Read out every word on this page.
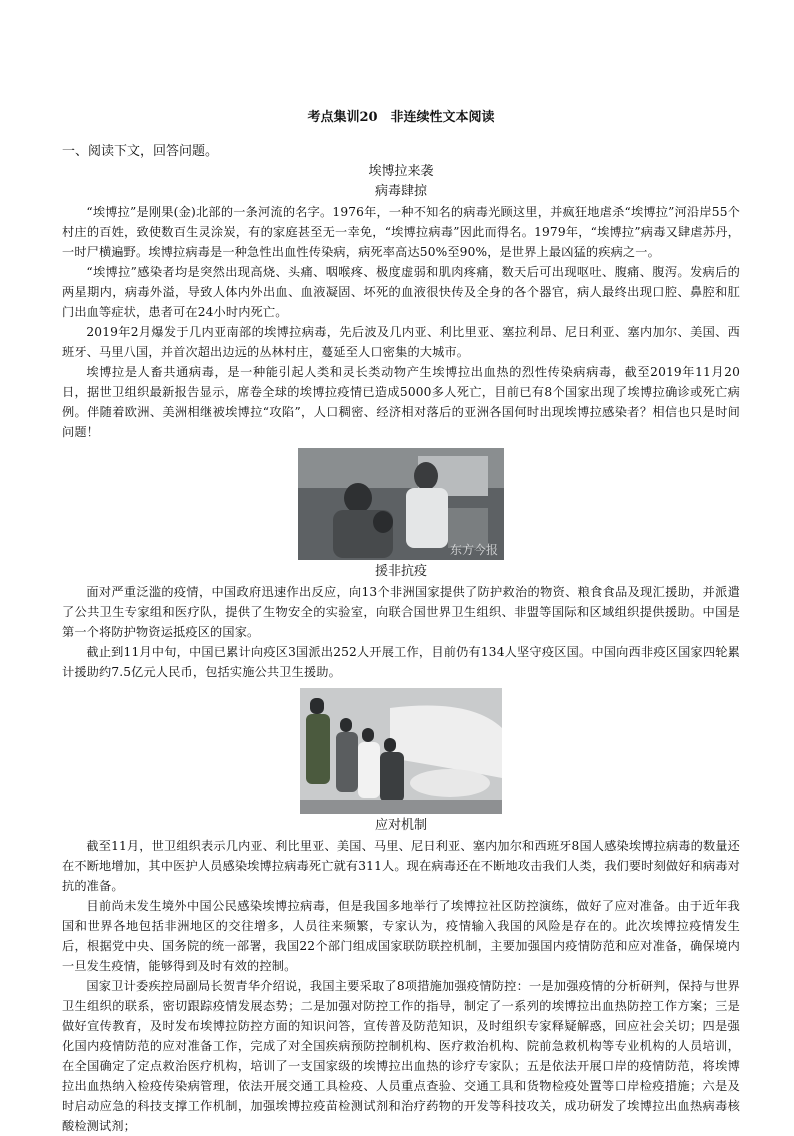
考点集训20　非连续性文本阅读
一、阅读下文，回答问题。
埃博拉来袭
病毒肆掠

“埃博拉”是刚果(金)北部的一条河流的名字。1976年，一种不知名的病毒光顾这里，并疯狂地虐杀“埃博拉”河沿岸55个村庄的百姓，致使数百生灵涂炭，有的家庭甚至无一幸免，“埃博拉病毒”因此而得名。1979年，“埃博拉”病毒又肆虐苏丹，一时尸横遍野。埃博拉病毒是一种急性出血性传染病，病死率高达50%至90%，是世界上最凶猛的疾病之一。

“埃博拉”感染者均是突然出现高烧、头痛、咽喉疼、极度虚弱和肌肉疼痛，数天后可出现呕吐、腹痛、腹泻。发病后的两星期内，病毒外溢，导致人体内外出血、血液凝固、坏死的血液很快传及全身的各个器官，病人最终出现口腔、鼻腔和肛门出血等症状，患者可在24小时内死亡。

2019年2月爆发于几内亚南部的埃博拉病毒，先后波及几内亚、利比里亚、塞拉利昂、尼日利亚、塞内加尔、美国、西班牙、马里八国，并首次超出边远的丛林村庄，蔓延至人口密集的大城市。

埃博拉是人畜共通病毒，是一种能引起人类和灵长类动物产生埃博拉出血热的烈性传染病病毒，截至2019年11月20日，据世卫组织最新报告显示，席卷全球的埃博拉疫情已造成5000多人死亡，目前已有8个国家出现了埃博拉确诊或死亡病例。伴随着欧洲、美洲相继被埃博拉“攻陷”，人口稠密、经济相对落后的亚洲各国何时出现埃博拉感染者？相信也只是时间问题！

东方今报
援非抗疫

面对严重泛滥的疫情，中国政府迅速作出反应，向13个非洲国家提供了防护救治的物资、粮食食品及现汇援助，并派遣了公共卫生专家组和医疗队，提供了生物安全的实验室，向联合国世界卫生组织、非盟等国际和区域组织提供援助。中国是第一个将防护物资运抵疫区的国家。

截止到11月中旬，中国已累计向疫区3国派出252人开展工作，目前仍有134人坚守疫区国。中国向西非疫区国家四轮累计援助约7.5亿元人民币，包括实施公共卫生援助。

应对机制

截至11月，世卫组织表示几内亚、利比里亚、美国、马里、尼日利亚、塞内加尔和西班牙8国人感染埃博拉病毒的数量还在不断地增加，其中医护人员感染埃博拉病毒死亡就有311人。现在病毒还在不断地攻击我们人类，我们要时刻做好和病毒对抗的准备。

目前尚未发生境外中国公民感染埃博拉病毒，但是我国多地举行了埃博拉社区防控演练，做好了应对准备。由于近年我国和世界各地包括非洲地区的交往增多，人员往来频繁，专家认为，疫情输入我国的风险是存在的。此次埃博拉疫情发生后，根据党中央、国务院的统一部署，我国22个部门组成国家联防联控机制，主要加强国内疫情防范和应对准备，确保境内一旦发生疫情，能够得到及时有效的控制。

国家卫计委疾控局副局长贺青华介绍说，我国主要采取了8项措施加强疫情防控：一是加强疫情的分析研判，保持与世界卫生组织的联系，密切跟踪疫情发展态势；二是加强对防控工作的指导，制定了一系列的埃博拉出血热防控工作方案；三是做好宣传教育，及时发布埃博拉防控方面的知识问答，宣传普及防范知识，及时组织专家释疑解惑，回应社会关切；四是强化国内疫情防范的应对准备工作，完成了对全国疾病预防控制机构、医疗救治机构、院前急救机构等专业机构的人员培训，在全国确定了定点救治医疗机构，培训了一支国家级的埃博拉出血热的诊疗专家队；五是依法开展口岸的疫情防范，将埃博拉出血热纳入检疫传染病管理，依法开展交通工具检疫、人员重点查验、交通工具和货物检疫处置等口岸检疫措施；六是及时启动应急的科技支撑工作机制，加强埃博拉疫苗检测试剂和治疗药物的开发等科技攻关，成功研发了埃博拉出血热病毒核酸检测试剂；
